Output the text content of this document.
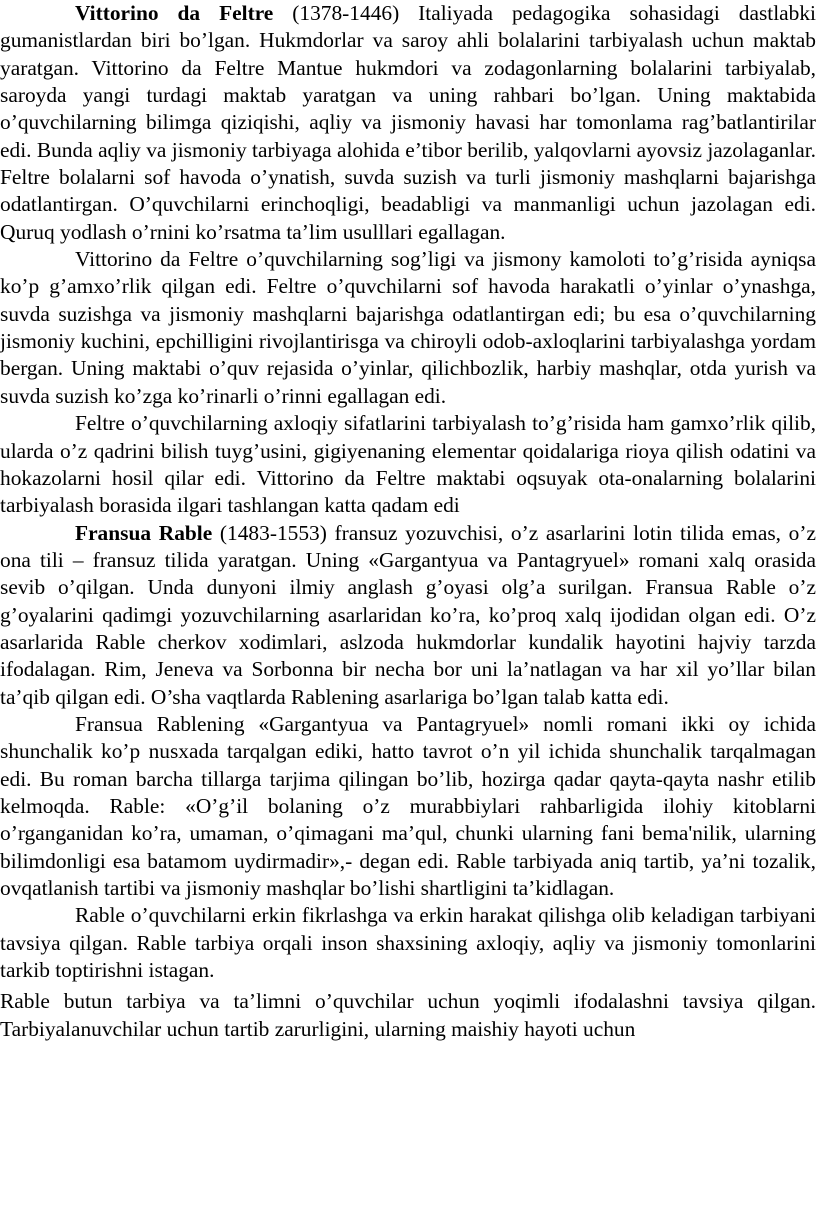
Vittorino da Feltre (1378-1446) Italiyada pedagogika sohasidagi dastlabki gumanistlardan biri bo’lgan. Hukmdorlar va saroy ahli bolalarini tarbiyalash uchun maktab yaratgan. Vittorino da Feltre Mantue hukmdori va zodagonlarning bolalarini tarbiyalab, saroyda yangi turdagi maktab yaratgan va uning rahbari bo’lgan. Uning maktabida o’quvchilarning bilimga qiziqishi, aqliy va jismoniy havasi har tomonlama rag’batlantirilar edi. Bunda aqliy va jismoniy tarbiyaga alohida e’tibor berilib, yalqovlarni ayovsiz jazolaganlar. Feltre bolalarni sof havoda o’ynatish, suvda suzish va turli jismoniy mashqlarni bajarishga odatlantirgan. O’quvchilarni erinchoqligi, beadabligi va manmanligi uchun jazolagan edi. Quruq yodlash o’rnini ko’rsatma ta’lim usulllari egallagan.

Vittorino da Feltre o’quvchilarning sog’ligi va jismony kamoloti to’g’risida ayniqsa ko’p g’amxo’rlik qilgan edi. Feltre o’quvchilarni sof havoda harakatli o’yinlar o’ynashga, suvda suzishga va jismoniy mashqlarni bajarishga odatlantirgan edi; bu esa o’quvchilarning jismoniy kuchini, epchilligini rivojlantirisga va chiroyli odob-axloqlarini tarbiyalashga yordam bergan. Uning maktabi o’quv rejasida o’yinlar, qilichbozlik, harbiy mashqlar, otda yurish va suvda suzish ko’zga ko’rinarli o’rinni egallagan edi.

Feltre o’quvchilarning axloqiy sifatlarini tarbiyalash to’g’risida ham gamxo’rlik qilib, ularda o’z qadrini bilish tuyg’usini, gigiyenaning elementar qoidalariga rioya qilish odatini va hokazolarni hosil qilar edi. Vittorino da Feltre maktabi oqsuyak ota-onalarning bolalarini tarbiyalash borasida ilgari tashlangan katta qadam edi

Fransua Rable (1483-1553) fransuz yozuvchisi, o’z asarlarini lotin tilida emas, o’z ona tili – fransuz tilida yaratgan. Uning «Gargantyua va Pantagryuel» romani xalq orasida sevib o’qilgan. Unda dunyoni ilmiy anglash g’oyasi olg’a surilgan. Fransua Rable o’z g’oyalarini qadimgi yozuvchilarning asarlaridan ko’ra, ko’proq xalq ijodidan olgan edi. O’z asarlarida Rable cherkov xodimlari, aslzoda hukmdorlar kundalik hayotini hajviy tarzda ifodalagan. Rim, Jeneva va Sorbonna bir necha bor uni la’natlagan va har xil yo’llar bilan ta’qib qilgan edi. O’sha vaqtlarda Rablening asarlariga bo’lgan talab katta edi.

Fransua Rablening «Gargantyua va Pantagryuel» nomli romani ikki oy ichida shunchalik ko’p nusxada tarqalgan ediki, hatto tavrot o’n yil ichida shunchalik tarqalmagan edi. Bu roman barcha tillarga tarjima qilingan bo’lib, hozirga qadar qayta-qayta nashr etilib kelmoqda. Rable: «O’g’il bolaning o’z murabbiylari rahbarligida ilohiy kitoblarni o’rganganidan ko’ra, umaman, o’qimagani ma’qul, chunki ularning fani bema'nilik, ularning bilimdonligi esa batamom uydirmadir»,- degan edi. Rable tarbiyada aniq tartib, ya’ni tozalik, ovqatlanish tartibi va jismoniy mashqlar bo’lishi shartligini ta’kidlagan.

Rable o’quvchilarni erkin fikrlashga va erkin harakat qilishga olib keladigan tarbiyani tavsiya qilgan. Rable tarbiya orqali inson shaxsining axloqiy, aqliy va jismoniy tomonlarini tarkib toptirishni istagan.

Rable butun tarbiya va ta’limni o’quvchilar uchun yoqimli ifodalashni tavsiya qilgan. Tarbiyalanuvchilar uchun tartib zarurligini, ularning maishiy hayoti uchun
